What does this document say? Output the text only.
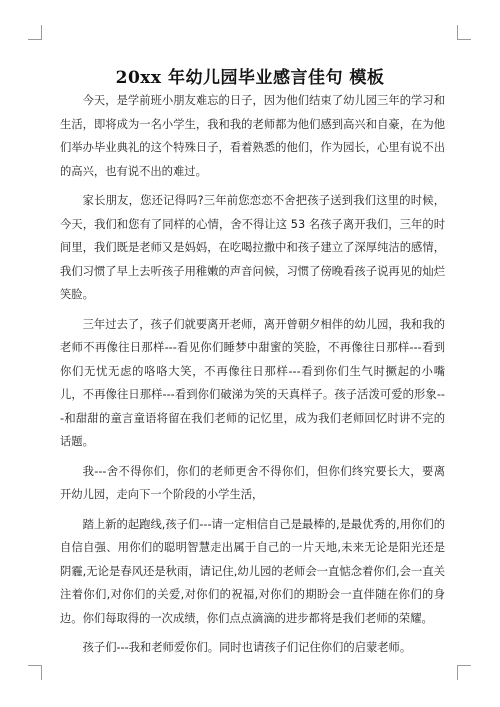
20xx 年幼儿园毕业感言佳句 模板

今天，是学前班小朋友难忘的日子，因为他们结束了幼儿园三年的学习和生活，即将成为一名小学生，我和我的老师都为他们感到高兴和自豪，在为他们举办毕业典礼的这个特殊日子，看着熟悉的他们，作为园长，心里有说不出的高兴，也有说不出的难过。

家长朋友，您还记得吗?三年前您恋恋不舍把孩子送到我们这里的时候，今天，我们和您有了同样的心情，舍不得让这 53 名孩子离开我们，三年的时间里，我们既是老师又是妈妈，在吃喝拉撒中和孩子建立了深厚纯洁的感情，我们习惯了早上去听孩子用稚嫩的声音问候，习惯了傍晚看孩子说再见的灿烂笑脸。

三年过去了，孩子们就要离开老师，离开曾朝夕相伴的幼儿园，我和我的老师不再像往日那样---看见你们睡梦中甜蜜的笑脸，不再像往日那样---看到你们无忧无虑的咯咯大笑，不再像往日那样---看到你们生气时撅起的小嘴儿，不再像往日那样---看到你们破涕为笑的天真样子。孩子活泼可爱的形象---和甜甜的童言童语将留在我们老师的记忆里，成为我们老师回忆时讲不完的话题。

我---舍不得你们，你们的老师更舍不得你们，但你们终究要长大，要离开幼儿园，走向下一个阶段的小学生活，

踏上新的起跑线,孩子们---请一定相信自己是最棒的,是最优秀的,用你们的自信自强、用你们的聪明智慧走出属于自己的一片天地,未来无论是阳光还是阴霾,无论是春风还是秋雨，请记住,幼儿园的老师会一直惦念着你们,会一直关注着你们,对你们的关爱,对你们的祝福,对你们的期盼会一直伴随在你们的身边。你们每取得的一次成绩，你们点点滴滴的进步都将是我们老师的荣耀。

孩子们---我和老师爱你们。同时也请孩子们记住你们的启蒙老师。
